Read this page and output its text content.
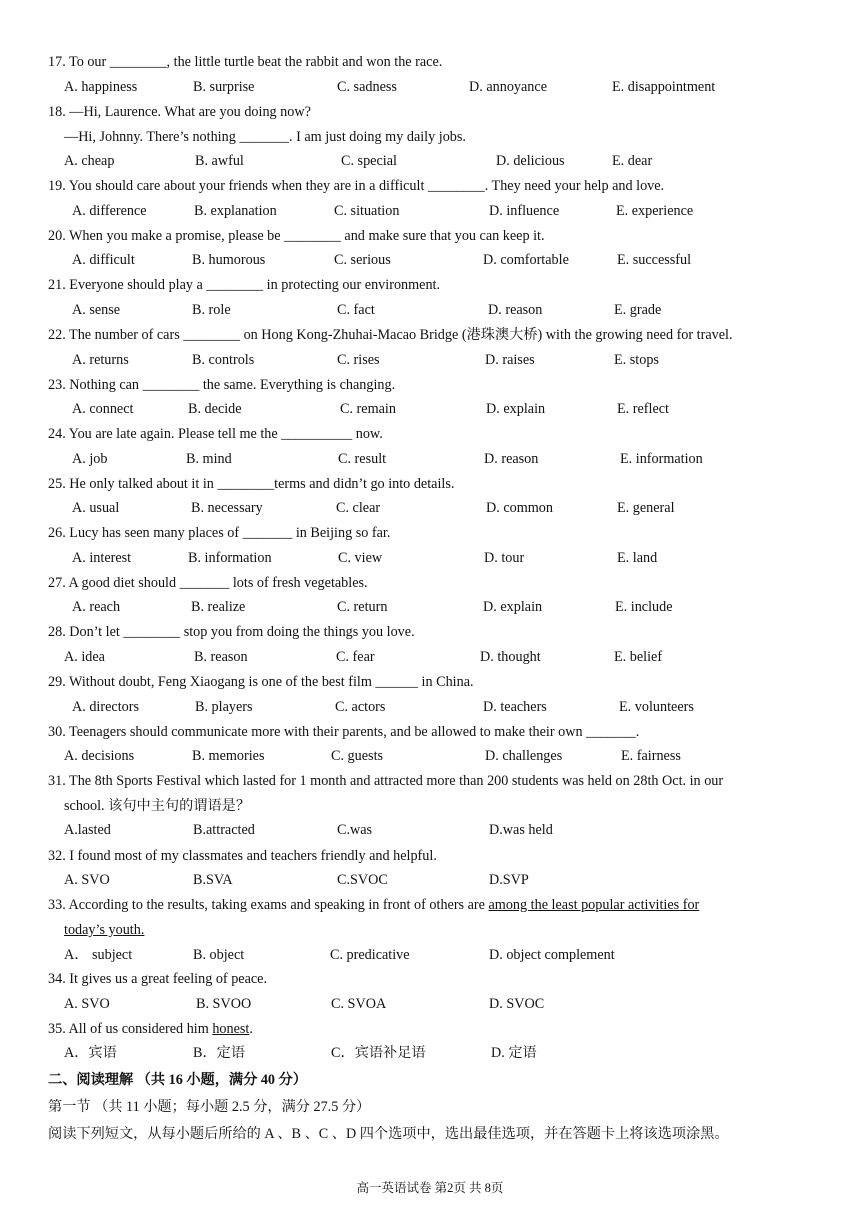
17. To our ________, the little turtle beat the rabbit and won the race.
A. happiness	B. surprise	C. sadness	D. annoyance	E. disappointment
18. —Hi, Laurence. What are you doing now?
—Hi, Johnny. There’s nothing _______. I am just doing my daily jobs.
A. cheap	B. awful	C. special	D. delicious	E. dear
19. You should care about your friends when they are in a difficult ________. They need your help and love.
A. difference	B. explanation	C. situation	D. influence	E. experience
20. When you make a promise, please be ________ and make sure that you can keep it.
A. difficult	B. humorous	C. serious	D. comfortable	E. successful
21. Everyone should play a ________ in protecting our environment.
A. sense	B. role	C. fact	D. reason	E. grade
22. The number of cars ________ on Hong Kong-Zhuhai-Macao Bridge (港珠澳大桥) with the growing need for travel.
A. returns	B. controls	C. rises	D. raises	E. stops
23. Nothing can ________ the same. Everything is changing.
A. connect	B. decide	C. remain	D. explain	E. reflect
24. You are late again. Please tell me the __________ now.
A. job	B. mind	C. result	D. reason	E. information
25. He only talked about it in ________terms and didn’t go into details.
A. usual	B. necessary	C. clear	D. common	E. general
26. Lucy has seen many places of _______ in Beijing so far.
A. interest	B. information	C. view	D. tour	E. land
27. A good diet should _______ lots of fresh vegetables.
A. reach	B. realize	C. return	D. explain	E. include
28. Don’t let ________ stop you from doing the things you love.
A. idea	B. reason	C. fear	D. thought	E. belief
29. Without doubt, Feng Xiaogang is one of the best film ______ in China.
A. directors	B. players	C. actors	D. teachers	E. volunteers
30. Teenagers should communicate more with their parents, and be allowed to make their own _______.
A. decisions	B. memories	C. guests	D. challenges	E. fairness
31. The 8th Sports Festival which lasted for 1 month and attracted more than 200 students was held on 28th Oct. in our
school. 该句中主句的谓语是？
A.lasted	B.attracted	C.was	D.was held
32. I found most of my classmates and teachers friendly and helpful.
A. SVO	B.SVA	C.SVOC	D.SVP
33. According to the results, taking exams and speaking in front of others are among the least popular activities for
today’s youth.
A． subject	B. object	C. predicative	D. object complement
34. It gives us a great feeling of peace.
A. SVO	B. SVOO	C. SVOA	D. SVOC
35. All of us considered him honest.
A．宾语	B．定语	C．宾语补足语	D. 定语
二、阅读理解 （共 16 小题，满分 40 分）
第一节 （共 11 小题；每小题 2.5 分，满分 27.5 分）
阅读下列短文，从每小题后所给的 A 、B 、C 、D 四个选项中，选出最佳选项，并在答题卡上将该选项涂黑。
高一英语试卷 第2页 共 8页
